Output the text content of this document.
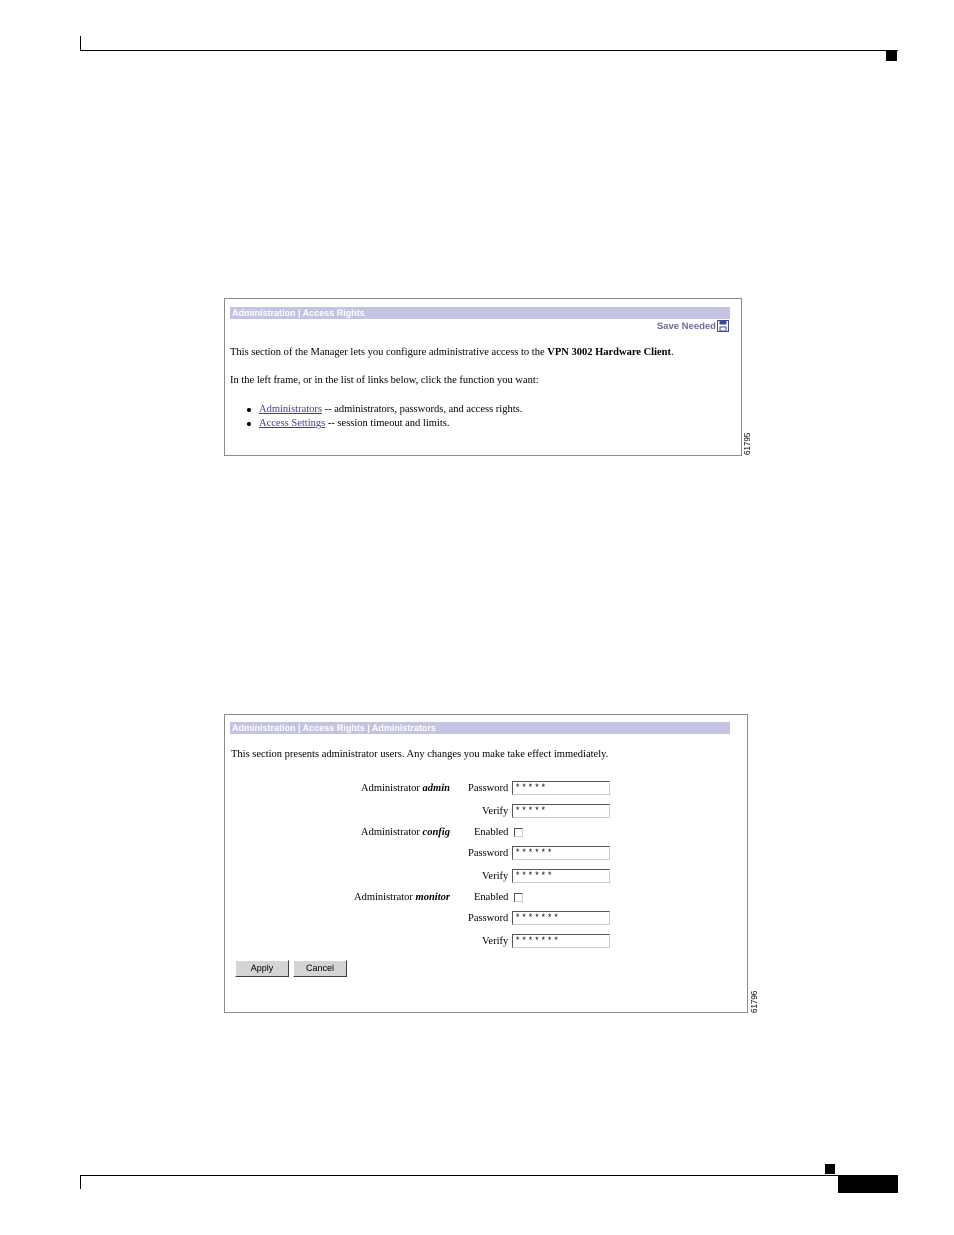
Administration | Access Rights
Save Needed
This section of the Manager lets you configure administrative access to the VPN 3002 Hardware Client.
In the left frame, or in the list of links below, click the function you want:
Administrators -- administrators, passwords, and access rights.
Access Settings -- session timeout and limits.
61795
Administration | Access Rights | Administrators
This section presents administrator users. Any changes you make take effect immediately.
Administrator admin Password *****
Verify *****
Administrator config Enabled
Password ******
Verify ******
Administrator monitor Enabled
Password *******
Verify *******
Apply	Cancel
61796
